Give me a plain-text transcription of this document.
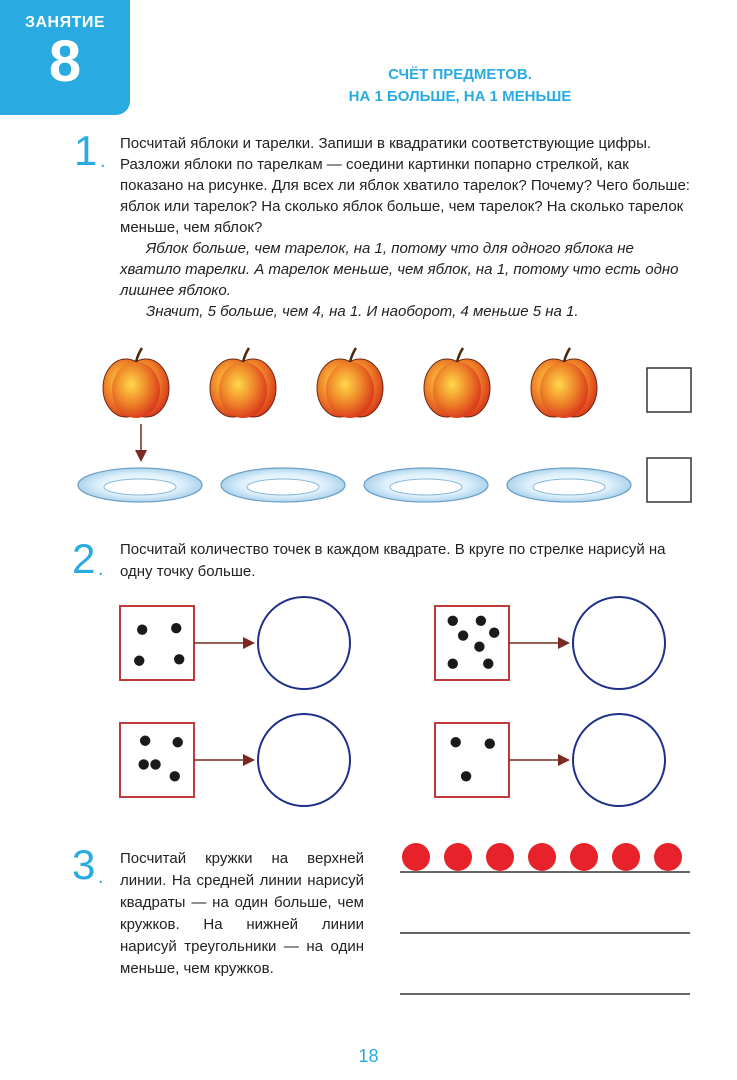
ЗАНЯТИЕ
8	СЧЁТ ПРЕДМЕТОВ.
НА 1 БОЛЬШЕ, НА 1 МЕНЬШЕ
1 .

Посчитай яблоки и тарелки. Запиши в квадратики соответствующие цифры. Разложи яблоки по тарелкам — соедини картинки попарно стрелкой, как показано на рисунке. Для всех ли яблок хватило тарелок? Почему? Чего больше: яблок или тарелок? На сколько яблок больше, чем тарелок? На сколько тарелок меньше, чем яблок?

Яблок больше, чем тарелок, на 1, потому что для одного яблока не хватило тарелки. А тарелок меньше, чем яблок, на 1, потому что есть одно лишнее яблоко.

Значит, 5 больше, чем 4, на 1. И наоборот, 4 меньше 5 на 1.

2 .
Посчитай количество точек в каждом квадрате. В круге по стрелке нарисуй на одну точку больше.
3 .
Посчитай кружки на верхней линии. На средней линии нарисуй квадраты — на один больше, чем кружков. На нижней линии нарисуй треугольники — на один меньше, чем кружков.
18
